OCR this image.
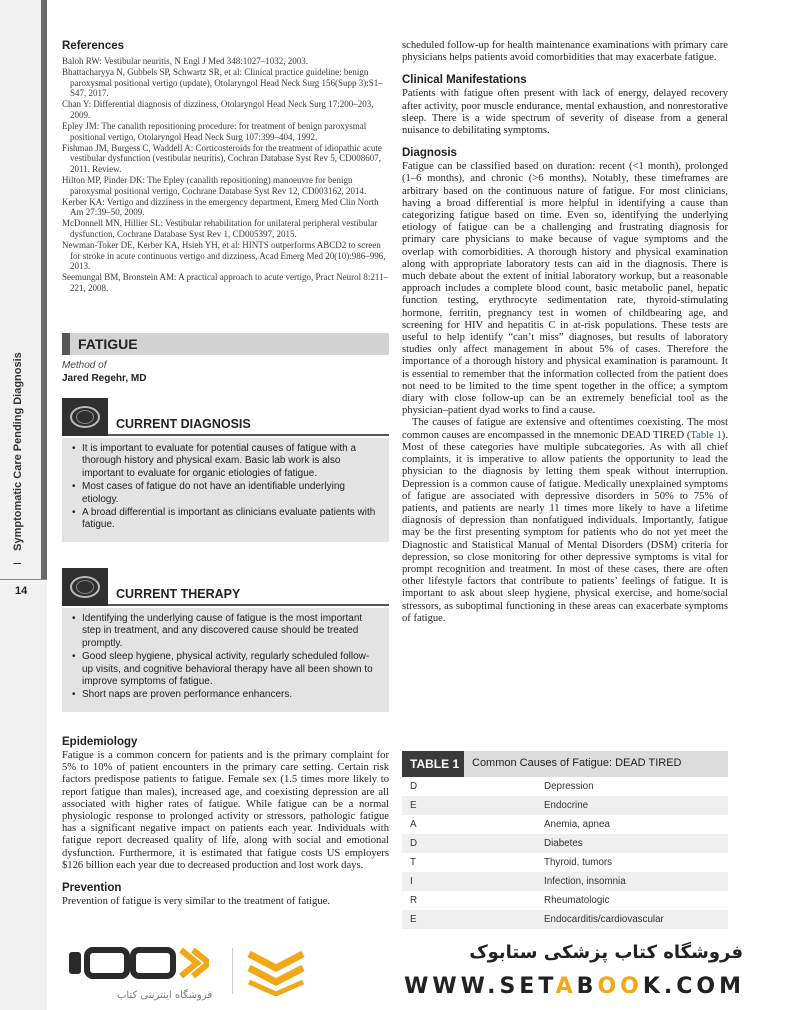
I Symptomatic Care Pending Diagnosis
14
References

Baloh RW: Vestibular neuritis, N Engl J Med 348:1027–1032, 2003.

Bhattacharyya N, Gubbels SP, Schwartz SR, et al: Clinical practice guideline: benign paroxysmal positional vertigo (update), Otolaryngol Head Neck Surg 156(Supp 3):S1–S47, 2017.

Chan Y: Differential diagnosis of dizziness, Otolaryngol Head Neck Surg 17:200–203, 2009.

Epley JM: The canalith repositioning procedure: for treatment of benign paroxysmal positional vertigo, Otolaryngol Head Neck Surg 107:399–404, 1992.

Fishman JM, Burgess C, Waddell A: Corticosteroids for the treatment of idiopathic acute vestibular dysfunction (vestibular neuritis), Cochran Database Syst Rev 5, CD008607, 2011. Review.

Hilton MP, Pinder DK: The Epley (canalith repositioning) manoeuvre for benign paroxysmal positional vertigo, Cochrane Database Syst Rev 12, CD003162, 2014.

Kerber KA: Vertigo and dizziness in the emergency department, Emerg Med Clin North Am 27:39–50, 2009.

McDonnell MN, Hillier SL: Vestibular rehabilitation for unilateral peripheral vestibular dysfunction, Cochrane Database Syst Rev 1, CD005397, 2015.

Newman-Toker DE, Kerber KA, Hsieh YH, et al: HINTS outperforms ABCD2 to screen for stroke in acute continuous vertigo and dizziness, Acad Emerg Med 20(10):986–996, 2013.

Seemungal BM, Bronstein AM: A practical approach to acute vertigo, Pract Neurol 8:211–221, 2008.

FATIGUE
Method of
Jared Regehr, MD
CURRENT DIAGNOSIS
• It is important to evaluate for potential causes of fatigue with a thorough history and physical exam. Basic lab work is also important to evaluate for organic etiologies of fatigue.
• Most cases of fatigue do not have an identifiable underlying etiology.
• A broad differential is important as clinicians evaluate patients with fatigue.
CURRENT THERAPY
• Identifying the underlying cause of fatigue is the most important step in treatment, and any discovered cause should be treated promptly.
• Good sleep hygiene, physical activity, regularly scheduled follow-up visits, and cognitive behavioral therapy have all been shown to improve symptoms of fatigue.
• Short naps are proven performance enhancers.
Epidemiology

Fatigue is a common concern for patients and is the primary complaint for 5% to 10% of patient encounters in the primary care setting. Certain risk factors predispose patients to fatigue. Female sex (1.5 times more likely to report fatigue than males), increased age, and coexisting depression are all associated with higher rates of fatigue. While fatigue can be a normal physiologic response to prolonged activity or stressors, pathologic fatigue has a significant negative impact on patients each year. Individuals with fatigue report decreased quality of life, along with social and emotional dysfunction. Furthermore, it is estimated that fatigue costs US employers $126 billion each year due to decreased production and lost work days.

Prevention

Prevention of fatigue is very similar to the treatment of fatigue.

scheduled follow-up for health maintenance examinations with primary care physicians helps patients avoid comorbidities that may exacerbate fatigue.

Clinical Manifestations

Patients with fatigue often present with lack of energy, delayed recovery after activity, poor muscle endurance, mental exhaustion, and nonrestorative sleep. There is a wide spectrum of severity of disease from a general nuisance to debilitating symptoms.

Diagnosis

Fatigue can be classified based on duration: recent (<1 month), prolonged (1–6 months), and chronic (>6 months). Notably, these timeframes are arbitrary based on the continuous nature of fatigue. For most clinicians, having a broad differential is more helpful in identifying a cause than categorizing fatigue based on time. Even so, identifying the underlying etiology of fatigue can be a challenging and frustrating diagnosis for primary care physicians to make because of vague symptoms and the overlap with comorbidities. A thorough history and physical examination along with appropriate laboratory tests can aid in the diagnosis. There is much debate about the extent of initial laboratory workup, but a reasonable approach includes a complete blood count, basic metabolic panel, hepatic function testing, erythrocyte sedimentation rate, thyroid-stimulating hormone, ferritin, pregnancy test in women of childbearing age, and screening for HIV and hepatitis C in at-risk populations. These tests are useful to help identify “can’t miss” diagnoses, but results of laboratory studies only affect management in about 5% of cases. Therefore the importance of a thorough history and physical examination is paramount. It is essential to remember that the information collected from the patient does not need to be limited to the time spent together in the office; a symptom diary with close follow-up can be an extremely beneficial tool as the physician–patient dyad works to find a cause.

The causes of fatigue are extensive and oftentimes coexisting. The most common causes are encompassed in the mnemonic DEAD TIRED (Table 1). Most of these categories have multiple subcategories. As with all chief complaints, it is imperative to allow patients the opportunity to lead the physician to the diagnosis by letting them speak without interruption. Depression is a common cause of fatigue. Medically unexplained symptoms of fatigue are associated with depressive disorders in 50% to 75% of patients, and patients are nearly 11 times more likely to have a lifetime diagnosis of depression than nonfatigued individuals. Importantly, fatigue may be the first presenting symptom for patients who do not yet meet the Diagnostic and Statistical Manual of Mental Disorders (DSM) criteria for depression, so close monitoring for other depressive symptoms is vital for prompt recognition and treatment. In most of these cases, there are often other lifestyle factors that contribute to patients’ feelings of fatigue. It is important to ask about sleep hygiene, physical exercise, and home/social stressors, as suboptimal functioning in these areas can exacerbate symptoms of fatigue.

TABLE 1	Common Causes of Fatigue: DEAD TIRED
D	Depression
E	Endocrine
A	Anemia, apnea
D	Diabetes
T	Thyroid, tumors
I	Infection, insomnia
R	Rheumatologic
E	Endocarditis/cardiovascular
فروشگاه اینترنتی کتاب
فروشگاه کتاب پزشکی ستابوک
WWW.SETABOOK.COM
